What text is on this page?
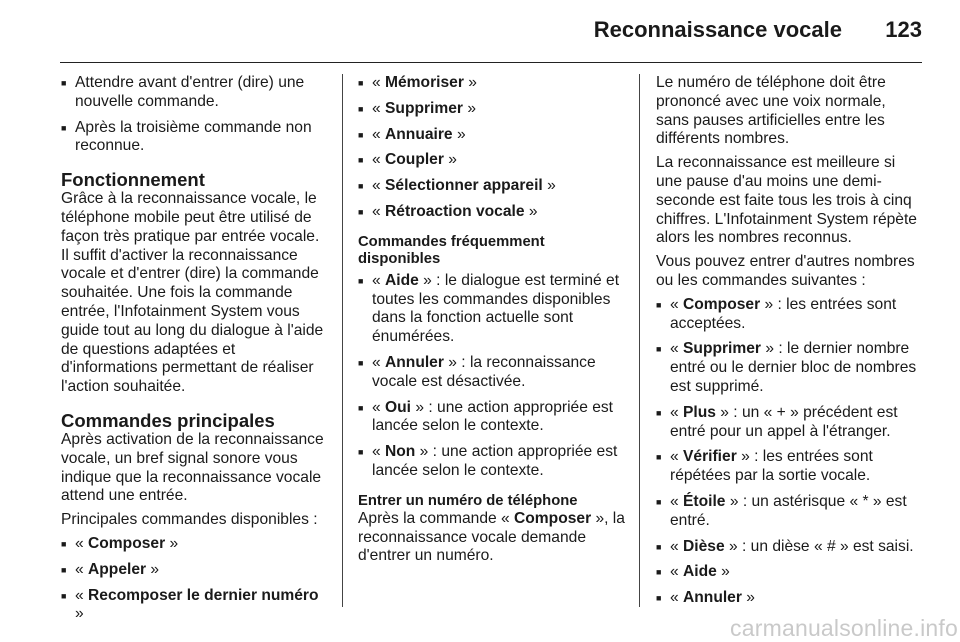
Reconnaissance vocale 123
■ Attendre avant d'entrer (dire) une nouvelle commande.
■ Après la troisième commande non reconnue.
Fonctionnement
Grâce à la reconnaissance vocale, le téléphone mobile peut être utilisé de façon très pratique par entrée vocale. Il suffit d'activer la reconnaissance vocale et d'entrer (dire) la commande souhaitée. Une fois la commande entrée, l'Infotainment System vous guide tout au long du dialogue à l'aide de questions adaptées et d'informations permettant de réaliser l'action souhaitée.
Commandes principales
Après activation de la reconnaissance vocale, un bref signal sonore vous indique que la reconnaissance vocale attend une entrée.
Principales commandes disponibles :
■ « Composer »
■ « Appeler »
■ « Recomposer le dernier numéro »
■ « Mémoriser »
■ « Supprimer »
■ « Annuaire »
■ « Coupler »
■ « Sélectionner appareil »
■ « Rétroaction vocale »
Commandes fréquemment disponibles
■ « Aide » : le dialogue est terminé et toutes les commandes disponibles dans la fonction actuelle sont énumérées.
■ « Annuler » : la reconnaissance vocale est désactivée.
■ « Oui » : une action appropriée est lancée selon le contexte.
■ « Non » : une action appropriée est lancée selon le contexte.
Entrer un numéro de téléphone
Après la commande « Composer », la reconnaissance vocale demande d'entrer un numéro.
Le numéro de téléphone doit être prononcé avec une voix normale, sans pauses artificielles entre les différents nombres.
La reconnaissance est meilleure si une pause d'au moins une demi-seconde est faite tous les trois à cinq chiffres. L'Infotainment System répète alors les nombres reconnus.
Vous pouvez entrer d'autres nombres ou les commandes suivantes :
■ « Composer » : les entrées sont acceptées.
■ « Supprimer » : le dernier nombre entré ou le dernier bloc de nombres est supprimé.
■ « Plus » : un « + » précédent est entré pour un appel à l'étranger.
■ « Vérifier » : les entrées sont répétées par la sortie vocale.
■ « Étoile » : un astérisque « * » est entré.
■ « Dièse » : un dièse « # » est saisi.
■ « Aide »
■ « Annuler »
carmanualsonline.info
